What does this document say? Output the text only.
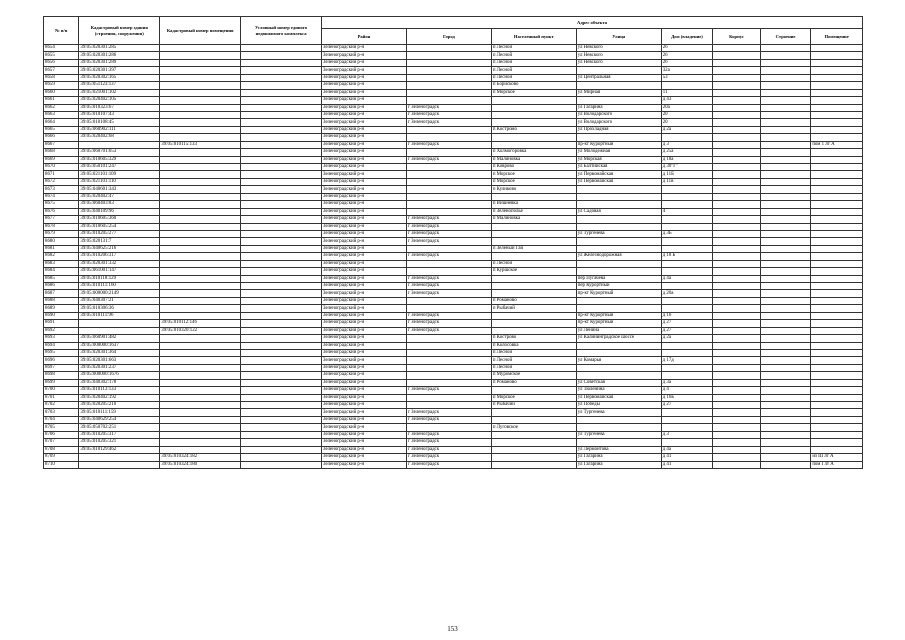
№ п/п	Кадастровый номер здания (строения, сооружения)	Кадастровый номер помещения	Условный номер единого недвижимого комплекса	Адрес объекта							
				Район	Город	Населенный пункт	Улица	Дом (владение)	Корпус	Строение	Помещение
8654	39:05:020301:285			Зеленоградский р-н		п Лесной	ул Невского	26			
8655	39:05:020301:286			Зеленоградский р-н		п Лесной	ул Невского	26			
8656	39:05:020301:289			Зеленоградский р-н		п Лесной	ул Невского	26			
8657	39:05:020301:397			Зеленоградский р-н		п Лесной		32а			
8658	39:05:020302:165			Зеленоградский р-н		п Лесной	ул Центральная	53			
8659	39:05:051123:137			Зеленоградский р-н		п Борисково					
8660	39:05:021001:102			Зеленоградский р-н		п Морское	ул Мирная	11			
8661	39:05:020402:105			Зеленоградский р-н				д 43			
8662	39:05:010323:67			Зеленоградский р-н	г Зеленоградск		ул Гагарина	20а			
8663	39:05:010107:43			Зеленоградский р-н	г Зеленоградск		ул Володарского	20			
8664	39:05:010108:45			Зеленоградский р-н	г Зеленоградск		ул Володарского	20			
8665	39:05:060902:111			Зеленоградский р-н		п Костромо	ул Прохладная	д 2а			
8666	39:05:020402:68			Зеленоградский р-н							
8667		39:05:010115:133		Зеленоградский р-н	г Зеленоградск		пр-кт Курортный	д 3			пом 1 лт А
8668	39:05:060701:653			Зеленоградский р-н		п Холмогоровка	ул Молодежная	д 25а			
8669	39:05:010605:329			Зеленоградский р-н	г Зеленоградск	п Малиновка	ул Морская	д 18а			
8670	39:05:050101:247			Зеленоградский р-н		п Коврово	ул Балтийская	д 30"Г"			
8671	39:05:021101:109			Зеленоградский р-н		п Морское	ул Первомайская	д 11Б			
8672	39:05:021101:110			Зеленоградский р-н		п Морское	ул Первомайская	д 11в			
8673	39:05:040601:343			Зеленоградский р-н		п Куликово					
8674	39:05:020402:47			Зеленоградский р-н							
8675	39:05:060403:83			Зеленоградский р-н		п Вишнёвка					
8676	39:05:040109:96			Зеленоградский р-н		п Зеленополье	ул Садовая	4			
8677	39:05:010605:360			Зеленоградский р-н	г Зеленоградск	п Малиновка					
8678	39:05:010605:254			Зеленоградский р-н	г Зеленоградск						
8679	39:05:010205:277			Зеленоградский р-н	г Зеленоградск		ул Тургенева	д 3Б			
8680	39:05:020131:7			Зеленоградский р-н	г Зеленоградск						
8681	39:05:040625:216			Зеленоградский р-н		п Зеленый Гай					
8682	39:05:010206:317			Зеленоградский р-н	г Зеленоградск		ул Железнодорожная	д 18 Б			
8683	39:05:020301:332			Зеленоградский р-н		п Лесной					
8684	39:05:061001:147			Зеленоградский р-н		п Куршское					
8685	39:05:010118:129			Зеленоградский р-н	г Зеленоградск		пер Пугачева	д 4а			
8686	39:05:010111:160			Зеленоградский р-н	г Зеленоградск		пер Курортный				
8687	39:05:000000:2149			Зеленоградский р-н	г Зеленоградск		пр-кт Курортный	д 20а			
8688	39:05:040307:21			Зеленоградский р-н		п Романово					
8689	39:05:010306:36			Зеленоградский р-н		п Рыбачий					
8690	39:05:010111:96			Зеленоградский р-н	г Зеленоградск		пр-кт Курортный	д 16			
8691		39:05:010112:146		Зеленоградский р-н	г Зеленоградск		пр-кт Курортный	д 27			
8692		39:05:010320:122		Зеленоградский р-н	г Зеленоградск		ул Ленина	д 27			
8693	39:05:060901:482			Зеленоградский р-н		п Кострово	ул Калининградское шоссе	д 2а			
8694	39:05:000000:1637			Зеленоградский р-н		п Колосовка					
8695	39:05:020301:364			Зеленоградский р-н		п Лесной					
8696	39:05:020301:663			Зеленоградский р-н		п Лесной	ул Комарья	д 17д			
8697	39:05:020301:237			Зеленоградский р-н		п Лесной					
8698	39:05:000000:1676			Зеленоградский р-н		п Муромское					
8699	39:05:040302:178			Зеленоградский р-н		п Романово	ул Советская	д 3а			
8700	39:05:010113:133			Зеленоградский р-н	г Зеленоградск		ул Тюленина	д 4			
8701	39:05:020402:192			Зеленоградский р-н		п Морское	ул Первомайская	д 16Б			
8702	39:05:020205:210			Зеленоградский р-н		п Рыбачий	ул Победы	д 27			
8703	39:05:010111:159			Зеленоградский р-н	г Зеленоградск		ул Тургенева				
8704	39:05:040629:254			Зеленоградский р-н	г Зеленоградск						
8705	39:05:050702:251			Зеленоградский р-н		п Луговское					
8706	39:05:010205:317			Зеленоградский р-н	г Зеленоградск		ул Тургенева	д 3			
8707	39:05:010205:321			Зеленоградский р-н	г Зеленоградск						
8708	39:05:010129:462			Зеленоградский р-н	г Зеленоградск		ул Лермонтова	д 4а			
8709		39:05:010324:182		Зеленоградский р-н	г Зеленоградск		ул Гагарина	д 41			из III лт А
8710		39:05:010324:180		Зеленоградский р-н	г Зеленоградск		ул Гагарина	д 41			пом I лт А
153
